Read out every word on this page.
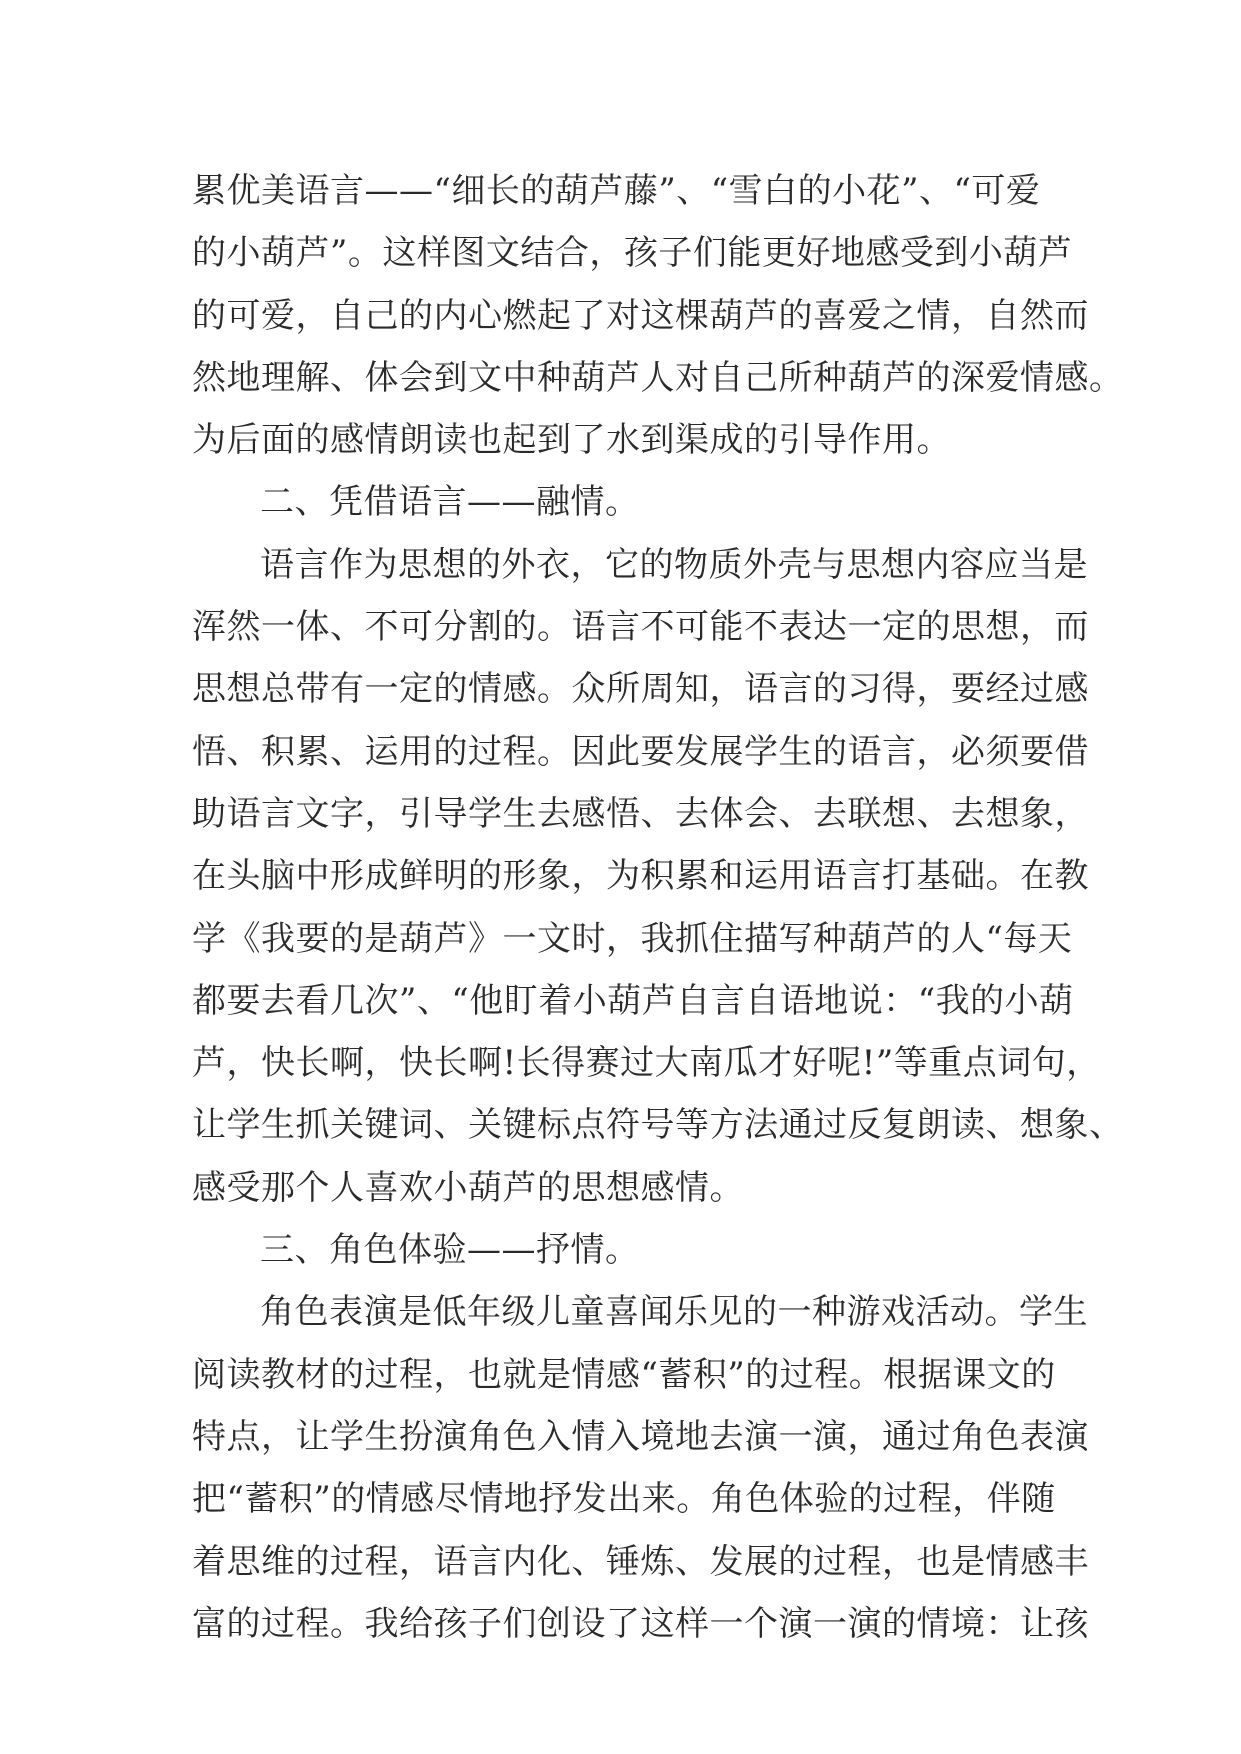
累优美语言——“细长的葫芦藤”、“雪白的小花”、“可爱
的小葫芦”。这样图文结合，孩子们能更好地感受到小葫芦
的可爱，自己的内心燃起了对这棵葫芦的喜爱之情，自然而
然地理解、体会到文中种葫芦人对自己所种葫芦的深爱情感。
为后面的感情朗读也起到了水到渠成的引导作用。
二、凭借语言——融情。
语言作为思想的外衣，它的物质外壳与思想内容应当是
浑然一体、不可分割的。语言不可能不表达一定的思想，而
思想总带有一定的情感。众所周知，语言的习得，要经过感
悟、积累、运用的过程。因此要发展学生的语言，必须要借
助语言文字，引导学生去感悟、去体会、去联想、去想象，
在头脑中形成鲜明的形象，为积累和运用语言打基础。在教
学《我要的是葫芦》一文时，我抓住描写种葫芦的人“每天
都要去看几次”、“他盯着小葫芦自言自语地说：“我的小葫
芦，快长啊，快长啊!长得赛过大南瓜才好呢!”等重点词句，
让学生抓关键词、关键标点符号等方法通过反复朗读、想象、
感受那个人喜欢小葫芦的思想感情。
三、角色体验——抒情。
角色表演是低年级儿童喜闻乐见的一种游戏活动。学生
阅读教材的过程，也就是情感“蓄积”的过程。根据课文的
特点，让学生扮演角色入情入境地去演一演，通过角色表演
把“蓄积”的情感尽情地抒发出来。角色体验的过程，伴随
着思维的过程，语言内化、锤炼、发展的过程，也是情感丰
富的过程。我给孩子们创设了这样一个演一演的情境：让孩
